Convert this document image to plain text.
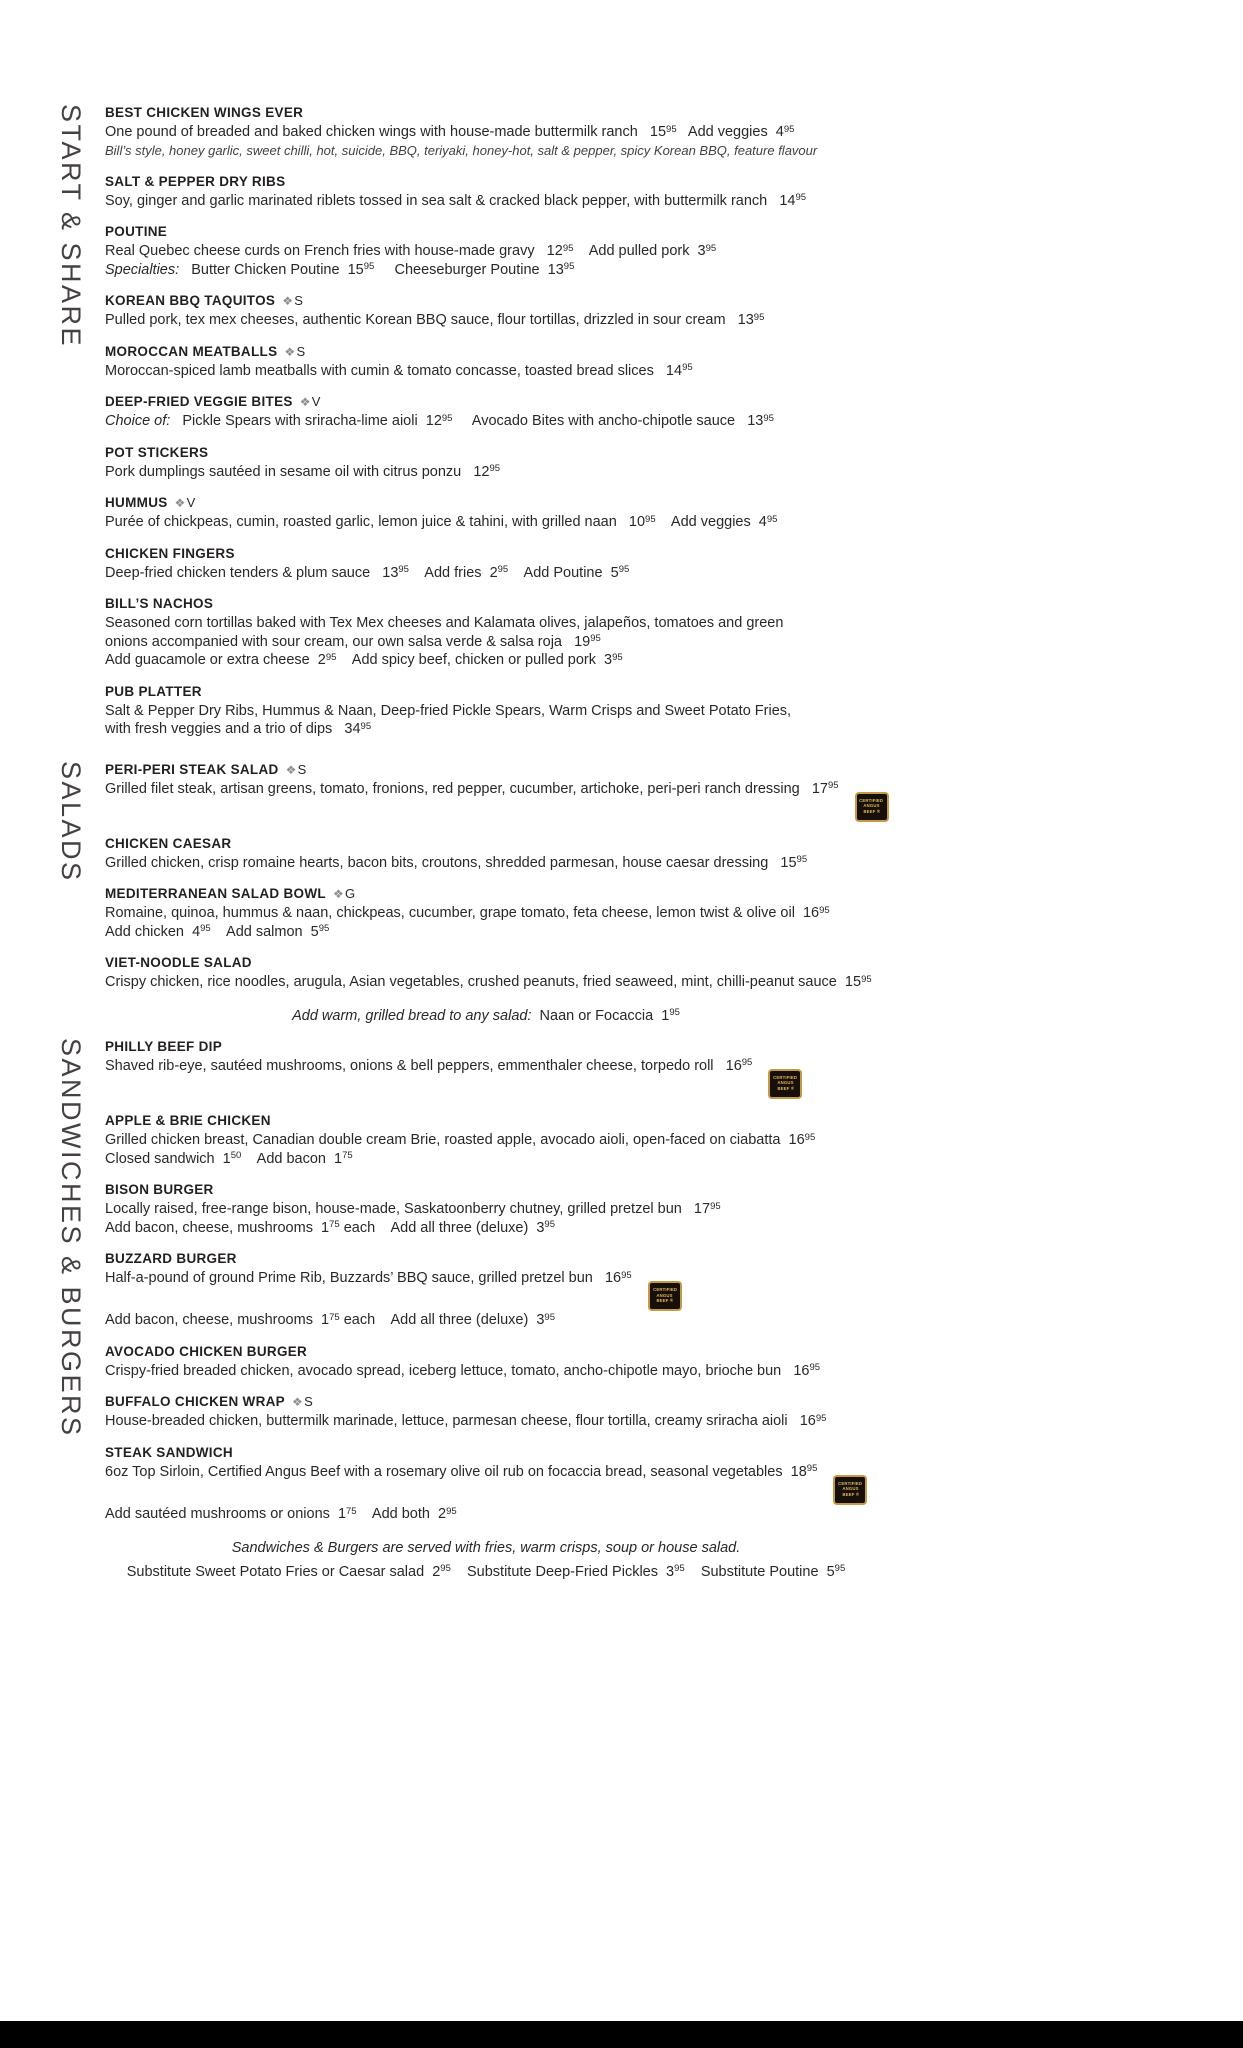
START & SHARE BEST CHICKEN WINGS EVER

One pound of breaded and baked chicken wings with house-made buttermilk ranch   $15^{95}$   Add veggies  $4^{95}$

Bill’s style, honey garlic, sweet chilli, hot, suicide, BBQ, teriyaki, honey-hot, salt & pepper, spicy Korean BBQ, feature flavour

SALT & PEPPER DRY RIBS

Soy, ginger and garlic marinated riblets tossed in sea salt & cracked black pepper, with buttermilk ranch   $14^{95}$

POUTINE

Real Quebec cheese curds on French fries with house-made gravy   $12^{95}$    Add pulled pork  $3^{95}$

Specialties:   Butter Chicken Poutine  $15^{95}$     Cheeseburger Poutine  $13^{95}$

KOREAN BBQ TAQUITOS ❖S

Pulled pork, tex mex cheeses, authentic Korean BBQ sauce, flour tortillas, drizzled in sour cream   $13^{95}$

MOROCCAN MEATBALLS ❖S

Moroccan-spiced lamb meatballs with cumin & tomato concasse, toasted bread slices   $14^{95}$

DEEP-FRIED VEGGIE BITES ❖V

Choice of:   Pickle Spears with sriracha-lime aioli  $12^{95}$     Avocado Bites with ancho-chipotle sauce   $13^{95}$

POT STICKERS

Pork dumplings sautéed in sesame oil with citrus ponzu   $12^{95}$

HUMMUS ❖V

Purée of chickpeas, cumin, roasted garlic, lemon juice & tahini, with grilled naan   $10^{95}$    Add veggies  $4^{95}$

CHICKEN FINGERS

Deep-fried chicken tenders & plum sauce   $13^{95}$    Add fries  $2^{95}$    Add Poutine  $5^{95}$

BILL’S NACHOS

Seasoned corn tortillas baked with Tex Mex cheeses and Kalamata olives, jalapeños, tomatoes and green

onions accompanied with sour cream, our own salsa verde & salsa roja   $19^{95}$

Add guacamole or extra cheese  $2^{95}$    Add spicy beef, chicken or pulled pork  $3^{95}$

PUB PLATTER

Salt & Pepper Dry Ribs, Hummus & Naan, Deep-fried Pickle Spears, Warm Crisps and Sweet Potato Fries,

with fresh veggies and a trio of dips   $34^{95}$

SALADS PERI-PERI STEAK SALAD ❖S

Grilled filet steak, artisan greens, tomato, fronions, red pepper, cucumber, artichoke, peri-peri ranch dressing   $17^{95}$
CERTIFIED
ANGUS
BEEF ®

CHICKEN CAESAR

Grilled chicken, crisp romaine hearts, bacon bits, croutons, shredded parmesan, house caesar dressing   $15^{95}$

MEDITERRANEAN SALAD BOWL ❖G

Romaine, quinoa, hummus & naan, chickpeas, cucumber, grape tomato, feta cheese, lemon twist & olive oil  $16^{95}$

Add chicken  $4^{95}$    Add salmon  $5^{95}$

VIET-NOODLE SALAD

Crispy chicken, rice noodles, arugula, Asian vegetables, crushed peanuts, fried seaweed, mint, chilli-peanut sauce  $15^{95}$

Add warm, grilled bread to any salad:  Naan or Focaccia  $1^{95}$

SANDWICHES & BURGERS PHILLY BEEF DIP

Shaved rib-eye, sautéed mushrooms, onions & bell peppers, emmenthaler cheese, torpedo roll   $16^{95}$
CERTIFIED
ANGUS
BEEF ®

APPLE & BRIE CHICKEN

Grilled chicken breast, Canadian double cream Brie, roasted apple, avocado aioli, open-faced on ciabatta  $16^{95}$

Closed sandwich  $1^{50}$    Add bacon  $1^{75}$

BISON BURGER

Locally raised, free-range bison, house-made, Saskatoonberry chutney, grilled pretzel bun   $17^{95}$

Add bacon, cheese, mushrooms  $1^{75}$ each    Add all three (deluxe)  $3^{95}$

BUZZARD BURGER

Half-a-pound of ground Prime Rib, Buzzards’ BBQ sauce, grilled pretzel bun   $16^{95}$
CERTIFIED
ANGUS
BEEF ®

Add bacon, cheese, mushrooms  $1^{75}$ each    Add all three (deluxe)  $3^{95}$

AVOCADO CHICKEN BURGER

Crispy-fried breaded chicken, avocado spread, iceberg lettuce, tomato, ancho-chipotle mayo, brioche bun   $16^{95}$

BUFFALO CHICKEN WRAP ❖S

House-breaded chicken, buttermilk marinade, lettuce, parmesan cheese, flour tortilla, creamy sriracha aioli   $16^{95}$

STEAK SANDWICH

6oz Top Sirloin, Certified Angus Beef with a rosemary olive oil rub on focaccia bread, seasonal vegetables  $18^{95}$
CERTIFIED
ANGUS
BEEF ®

Add sautéed mushrooms or onions  $1^{75}$    Add both  $2^{95}$

Sandwiches & Burgers are served with fries, warm crisps, soup or house salad.

Substitute Sweet Potato Fries or Caesar salad  $2^{95}$    Substitute Deep-Fried Pickles  $3^{95}$    Substitute Poutine  $5^{95}$
